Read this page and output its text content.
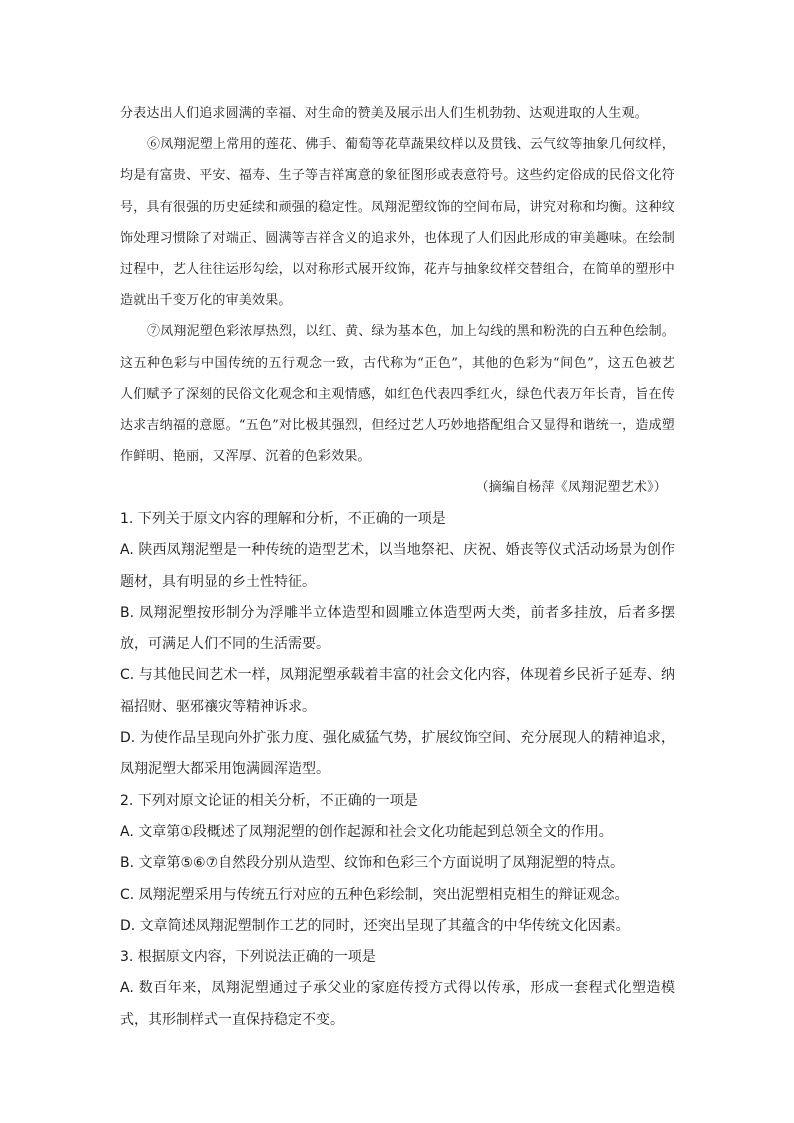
分表达出人们追求圆满的幸福、对生命的赞美及展示出人们生机勃勃、达观进取的人生观。

⑥凤翔泥塑上常用的莲花、佛手、葡萄等花草蔬果纹样以及贯钱、云气纹等抽象几何纹样，均是有富贵、平安、福寿、生子等吉祥寓意的象征图形或表意符号。这些约定俗成的民俗文化符号，具有很强的历史延续和顽强的稳定性。凤翔泥塑纹饰的空间布局，讲究对称和均衡。这种纹饰处理习惯除了对端正、圆满等吉祥含义的追求外，也体现了人们因此形成的审美趣味。在绘制过程中，艺人往往运形勾绘，以对称形式展开纹饰，花卉与抽象纹样交替组合，在简单的塑形中造就出千变万化的审美效果。

⑦凤翔泥塑色彩浓厚热烈，以红、黄、绿为基本色，加上勾线的黑和粉洗的白五种色绘制。这五种色彩与中国传统的五行观念一致，古代称为“正色”，其他的色彩为“间色”，这五色被艺人们赋予了深刻的民俗文化观念和主观情感，如红色代表四季红火，绿色代表万年长青，旨在传达求吉纳福的意愿。“五色”对比极其强烈，但经过艺人巧妙地搭配组合又显得和谐统一，造成塑作鲜明、艳丽，又浑厚、沉着的色彩效果。

（摘编自杨萍《凤翔泥塑艺术》）

1. 下列关于原文内容的理解和分析，不正确的一项是

A. 陕西凤翔泥塑是一种传统的造型艺术，以当地祭祀、庆祝、婚丧等仪式活动场景为创作题材，具有明显的乡土性特征。

B. 凤翔泥塑按形制分为浮雕半立体造型和圆雕立体造型两大类，前者多挂放，后者多摆放，可满足人们不同的生活需要。

C. 与其他民间艺术一样，凤翔泥塑承载着丰富的社会文化内容，体现着乡民祈子延寿、纳福招财、驱邪禳灾等精神诉求。

D. 为使作品呈现向外扩张力度、强化威猛气势，扩展纹饰空间、充分展现人的精神追求，凤翔泥塑大都采用饱满圆浑造型。

2. 下列对原文论证的相关分析，不正确的一项是

A. 文章第①段概述了凤翔泥塑的创作起源和社会文化功能起到总领全文的作用。

B. 文章第⑤⑥⑦自然段分别从造型、纹饰和色彩三个方面说明了凤翔泥塑的特点。

C. 凤翔泥塑采用与传统五行对应的五种色彩绘制，突出泥塑相克相生的辩证观念。

D. 文章简述凤翔泥塑制作工艺的同时，还突出呈现了其蕴含的中华传统文化因素。

3. 根据原文内容，下列说法正确的一项是

A. 数百年来，凤翔泥塑通过子承父业的家庭传授方式得以传承，形成一套程式化塑造模式，其形制样式一直保持稳定不变。
